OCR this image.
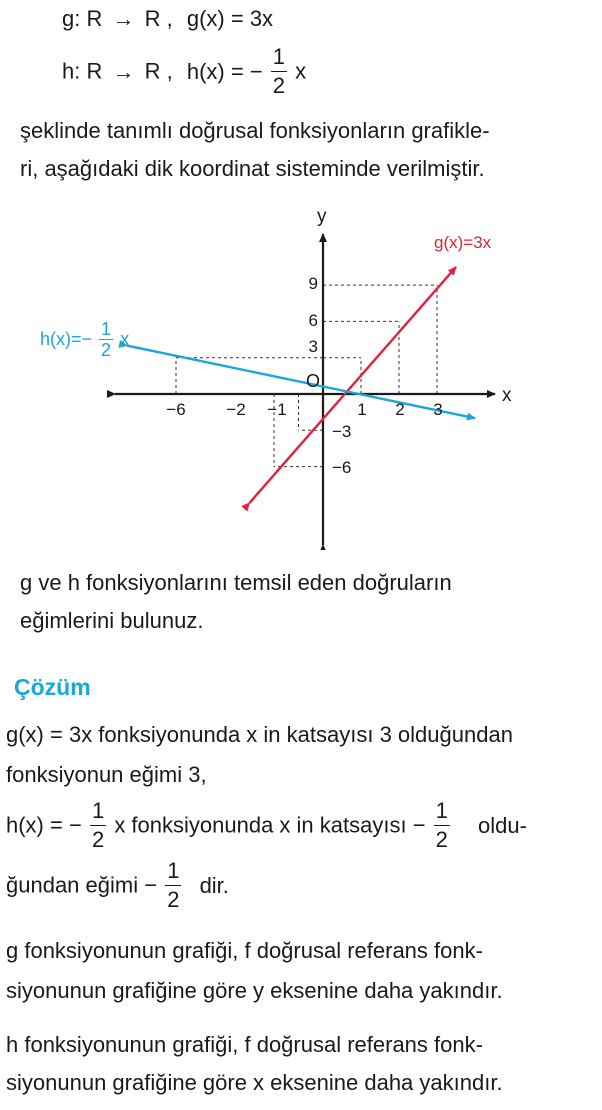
g: R → R , g(x) = 3x
h: R → R , h(x) = − $\frac{1}{2}$ x
şeklinde tanımlı doğrusal fonksiyonların grafikle-
ri, aşağıdaki dik koordinat sisteminde verilmiştir.
x
y
O
−6 −2 −1	1 2 3
9
6
3
−3
−6
g(x)=3x
$h(x)=- \frac{1}{2}$ x
g ve h fonksiyonlarını temsil eden doğruların
eğimlerini bulunuz.
Çözüm
g(x) = 3x fonksiyonunda x in katsayısı 3 olduğundan
fonksiyonun eğimi 3,
h(x) = − $\frac{1}{2}$ x fonksiyonunda x in katsayısı − $\frac{1}{2}$ oldu-
ğundan eğimi − $\frac{1}{2}$ dir.
g fonksiyonunun grafiği, f doğrusal referans fonk-
siyonunun grafiğine göre y eksenine daha yakındır.
h fonksiyonunun grafiği, f doğrusal referans fonk-
siyonunun grafiğine göre x eksenine daha yakındır.
